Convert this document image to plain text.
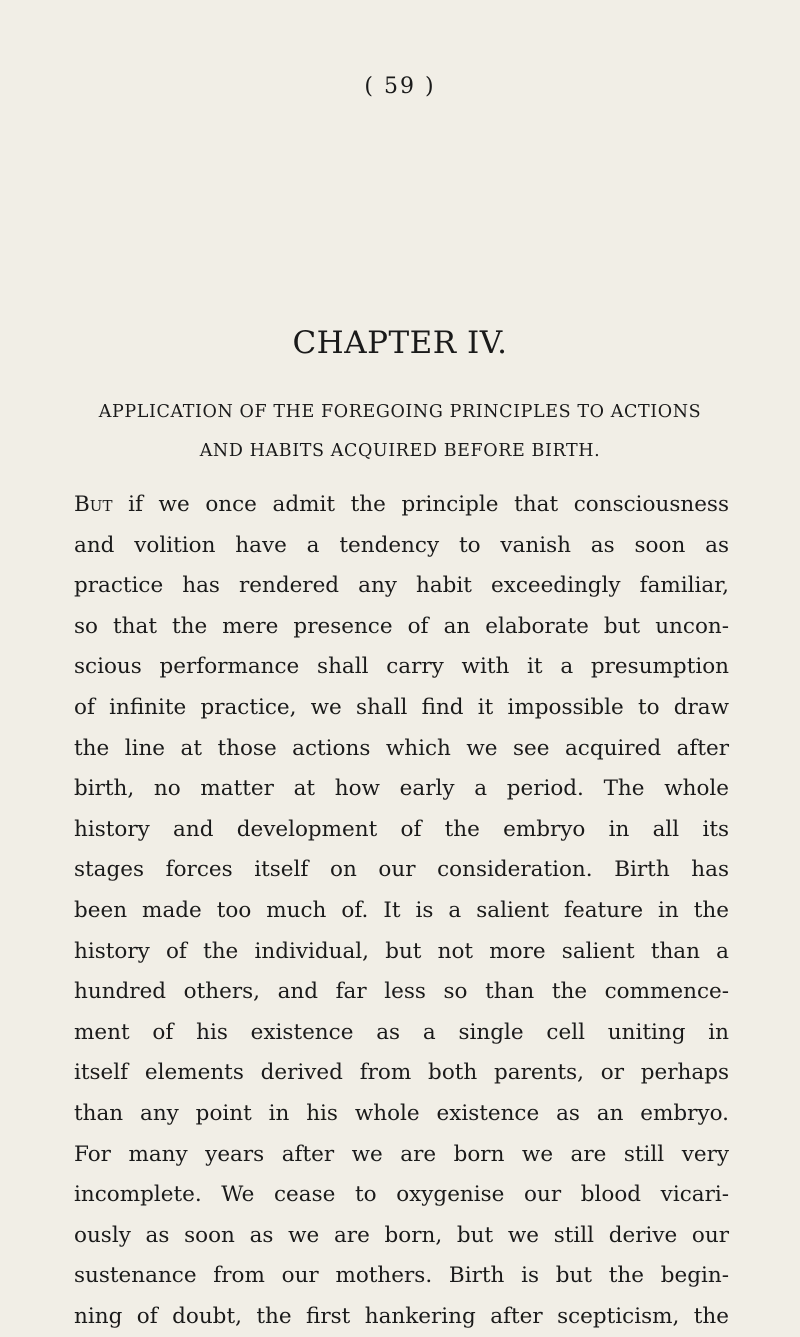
( 59 )
CHAPTER IV.
APPLICATION OF THE FOREGOING PRINCIPLES TO ACTIONS
AND HABITS ACQUIRED BEFORE BIRTH.
But if we once admit the principle that consciousness
and volition have a tendency to vanish as soon as
practice has rendered any habit exceedingly familiar,
so that the mere presence of an elaborate but uncon-
scious performance shall carry with it a presumption
of infinite practice, we shall find it impossible to draw
the line at those actions which we see acquired after
birth, no matter at how early a period. The whole
history and development of the embryo in all its
stages forces itself on our consideration. Birth has
been made too much of. It is a salient feature in the
history of the individual, but not more salient than a
hundred others, and far less so than the commence-
ment of his existence as a single cell uniting in
itself elements derived from both parents, or perhaps
than any point in his whole existence as an embryo.
For many years after we are born we are still very
incomplete. We cease to oxygenise our blood vicari-
ously as soon as we are born, but we still derive our
sustenance from our mothers. Birth is but the begin-
ning of doubt, the first hankering after scepticism, the
